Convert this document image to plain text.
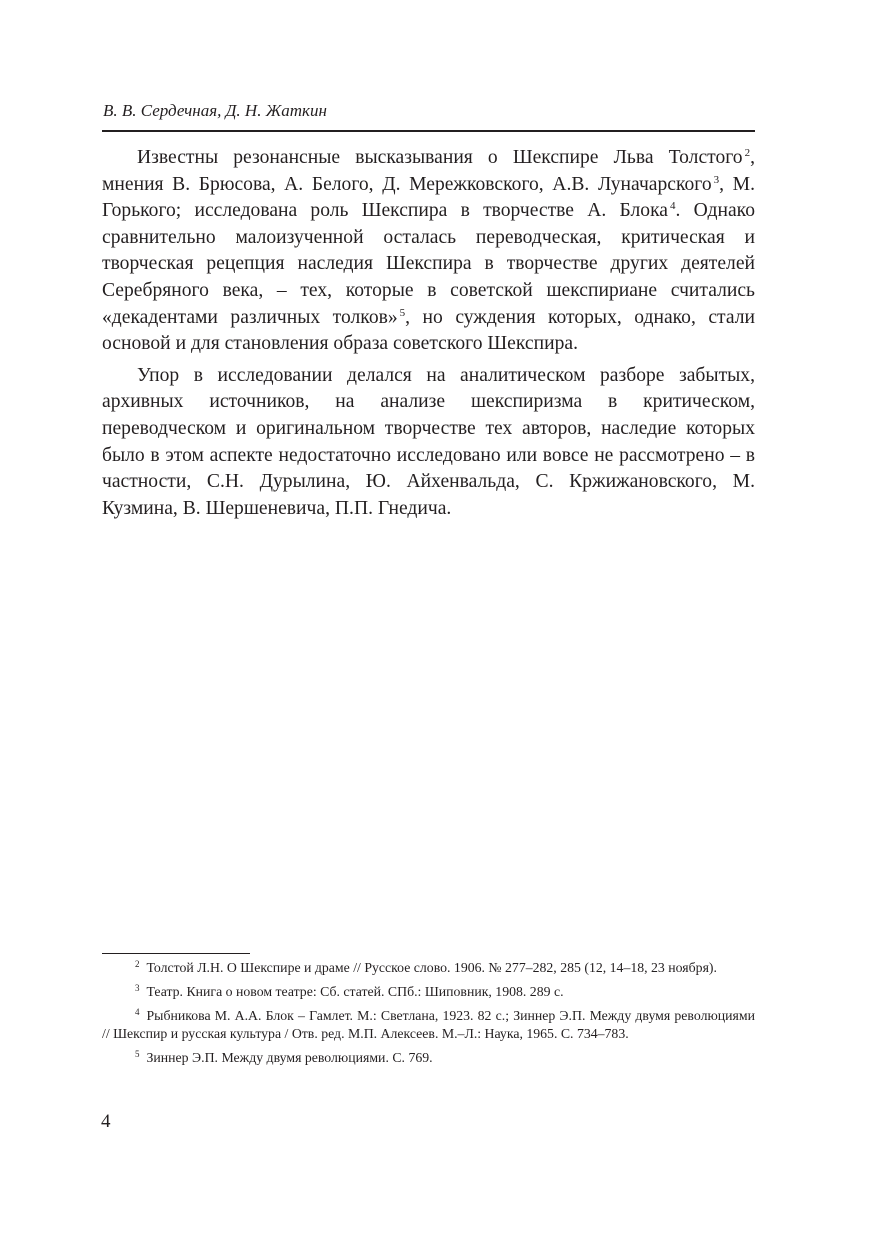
В. В. Сердечная, Д. Н. Жаткин

Известны резонансные высказывания о Шекспире Льва Толстого $^2$, мнения В. Брюсова, А. Белого, Д. Мережковского, А.В. Луначарского $^3$, М. Горького; исследована роль Шекспира в творчестве А. Блока $^4$. Однако сравнительно малоизученной осталась переводческая, критическая и творческая рецепция наследия Шекспира в творчестве других деятелей Серебряного века, – тех, которые в советской шекспириане считались «декадентами различных толков» $^5$, но суждения которых, однако, стали основой и для становления образа советского Шекспира.

Упор в исследовании делался на аналитическом разборе забытых, архивных источников, на анализе шекспиризма в критическом, переводческом и оригинальном творчестве тех авторов, наследие которых было в этом аспекте недостаточно исследовано или вовсе не рассмотрено – в частности, С.Н. Дурылина, Ю. Айхенвальда, С. Кржижановского, М. Кузмина, В. Шершеневича, П.П. Гнедича.

$^2$ Толстой Л.Н. О Шекспире и драме // Русское слово. 1906. № 277–282, 285 (12, 14–18, 23 ноября).

$^3$ Театр. Книга о новом театре: Сб. статей. СПб.: Шиповник, 1908. 289 с.

$^4$ Рыбникова М. А.А. Блок – Гамлет. М.: Светлана, 1923. 82 с.; Зиннер Э.П. Между двумя революциями // Шекспир и русская культура / Отв. ред. М.П. Алексеев. М.–Л.: Наука, 1965. С. 734–783.

$^5$ Зиннер Э.П. Между двумя революциями. С. 769.

4
